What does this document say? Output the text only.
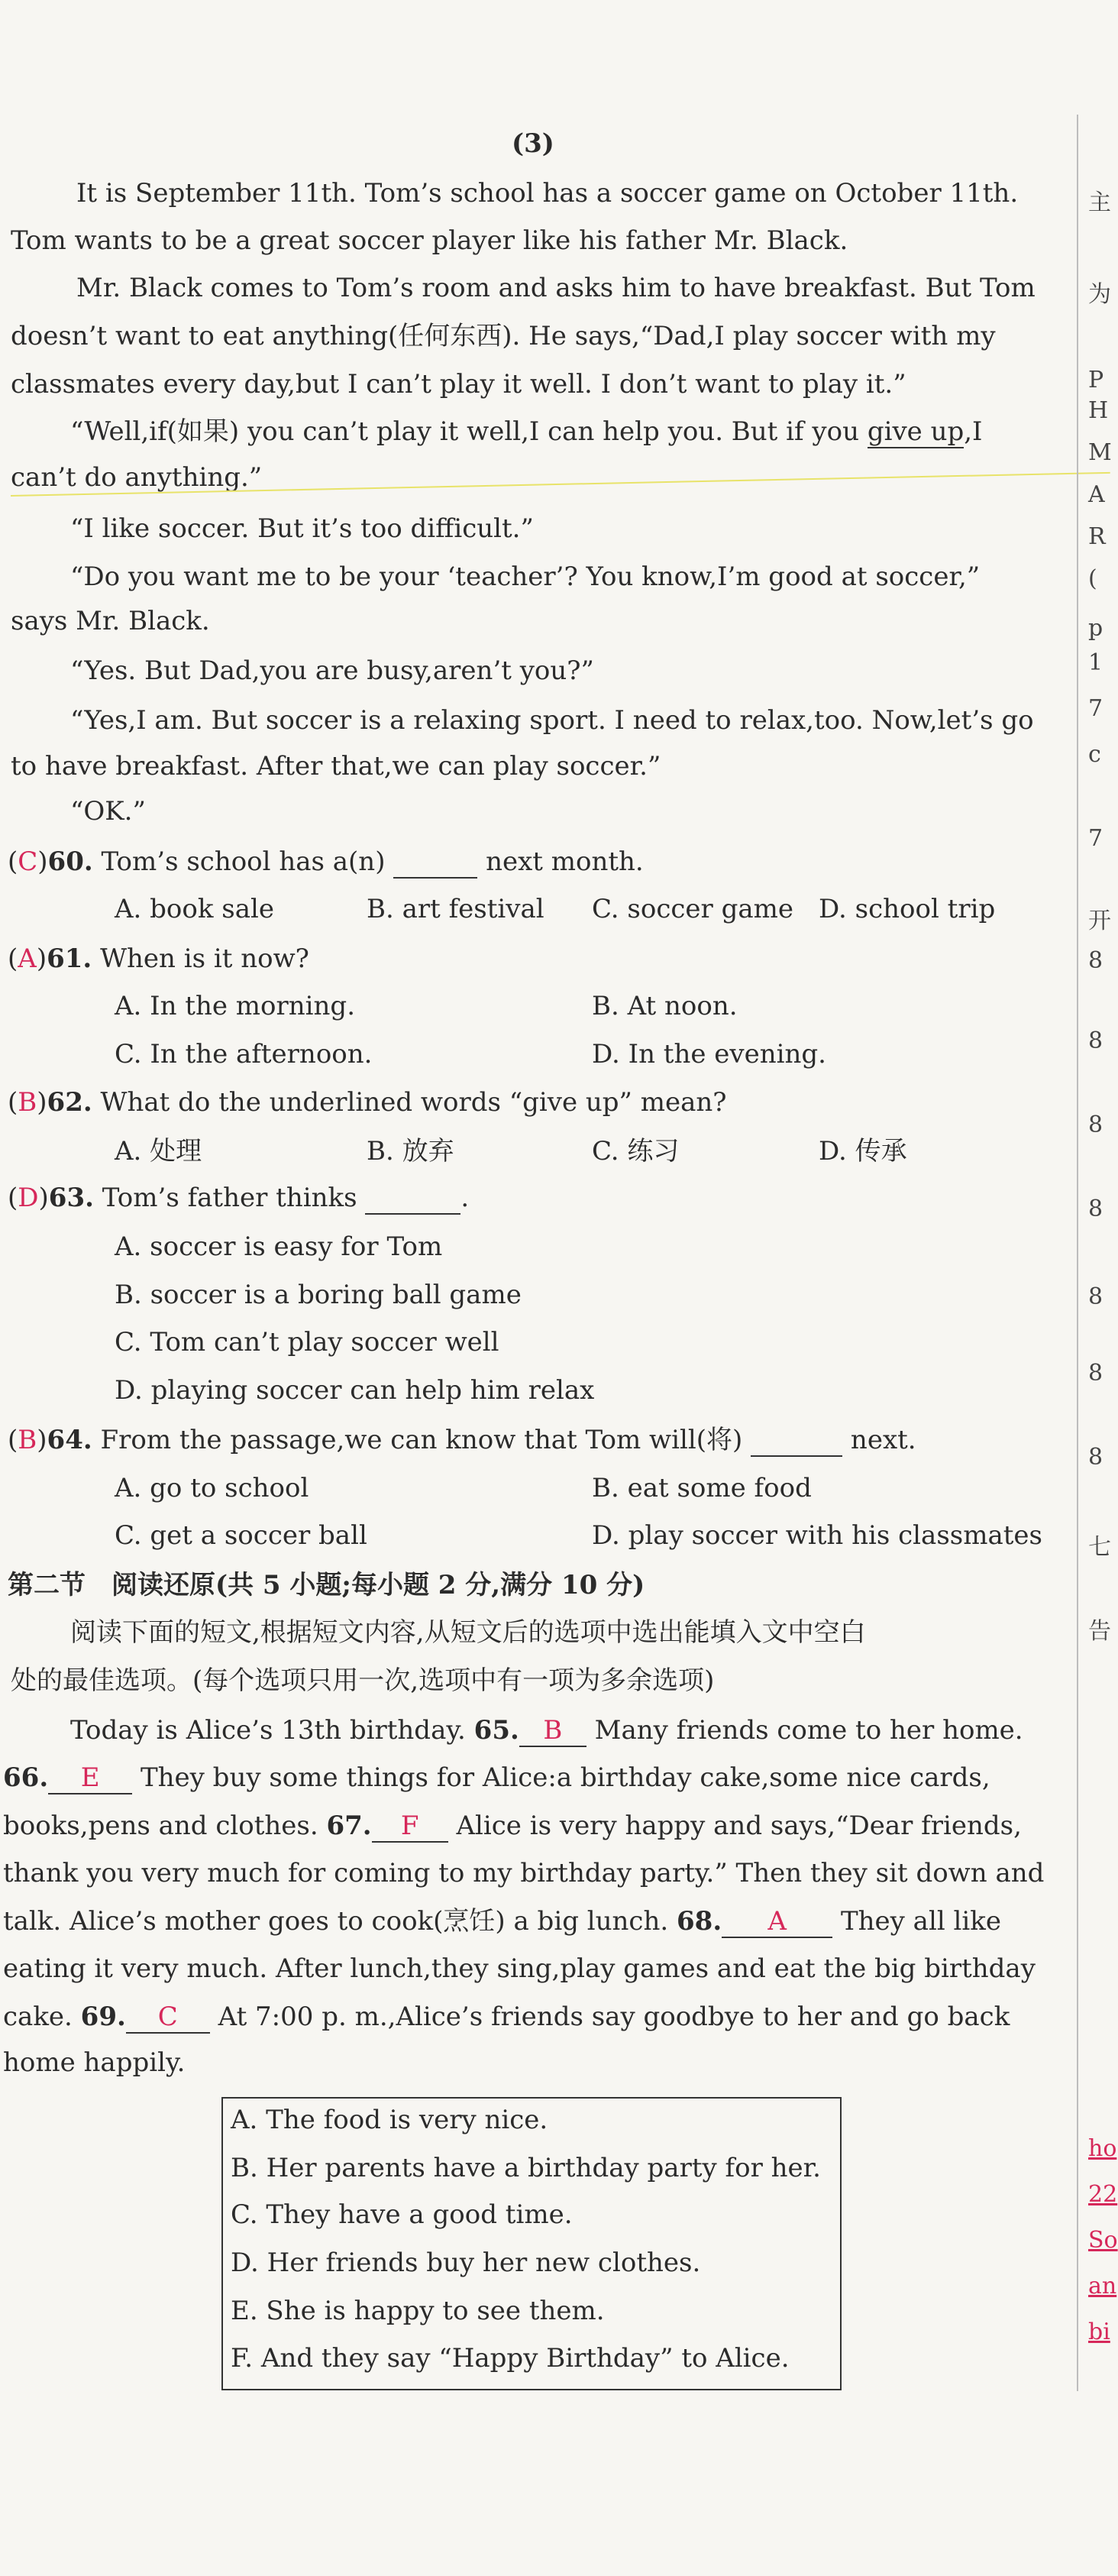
(3)
It is September 11th. Tom’s school has a soccer game on October 11th.
Tom wants to be a great soccer player like his father Mr. Black.
Mr. Black comes to Tom’s room and asks him to have breakfast. But Tom
doesn’t want to eat anything(任何东西). He says,“Dad,I play soccer with my
classmates every day,but I can’t play it well. I don’t want to play it.”
“Well,if(如果) you can’t play it well,I can help you. But if you give up,I
can’t do anything.”
“I like soccer. But it’s too difficult.”
“Do you want me to be your ‘teacher’? You know,I’m good at soccer,”
says Mr. Black.
“Yes. But Dad,you are busy,aren’t you?”
“Yes,I am. But soccer is a relaxing sport. I need to relax,too. Now,let’s go
to have breakfast. After that,we can play soccer.”
“OK.”
(C)60. Tom’s school has a(n)	next month.
A. book sale	B. art festival C. soccer game D. school trip
(A)61. When is it now?
A. In the morning.	B. At noon.
C. In the afternoon.	D. In the evening.
(B)62. What do the underlined words “give up” mean?
A. 处理	B. 放弃	C. 练习	D. 传承
(D)63. Tom’s father thinks	.
A. soccer is easy for Tom
B. soccer is a boring ball game
C. Tom can’t play soccer well
D. playing soccer can help him relax
(B)64. From the passage,we can know that Tom will(将)	next.
A. go to school	B. eat some food
C. get a soccer ball	D. play soccer with his classmates
第二节　阅读还原(共 5 小题;每小题 2 分,满分 10 分)
阅读下面的短文,根据短文内容,从短文后的选项中选出能填入文中空白
处的最佳选项。(每个选项只用一次,选项中有一项为多余选项)
Today is Alice’s 13th birthday. 65. B Many friends come to her home.
66. E They buy some things for Alice:a birthday cake,some nice cards,
books,pens and clothes. 67. F Alice is very happy and says,“Dear friends,
thank you very much for coming to my birthday party.” Then they sit down and
talk. Alice’s mother goes to cook(烹饪) a big lunch. 68. A They all like
eating it very much. After lunch,they sing,play games and eat the big birthday
cake. 69. C At 7:00 p. m.,Alice’s friends say goodbye to her and go back
home happily.
A. The food is very nice.
B. Her parents have a birthday party for her.
C. They have a good time.
D. Her friends buy her new clothes.
E. She is happy to see them.
F. And they say “Happy Birthday” to Alice.
主
为
P
H
M
A
R
(
p
1
7
c
7
开
8
8
8
8
8
8
8
七
告
ho
22
So
an
bi
